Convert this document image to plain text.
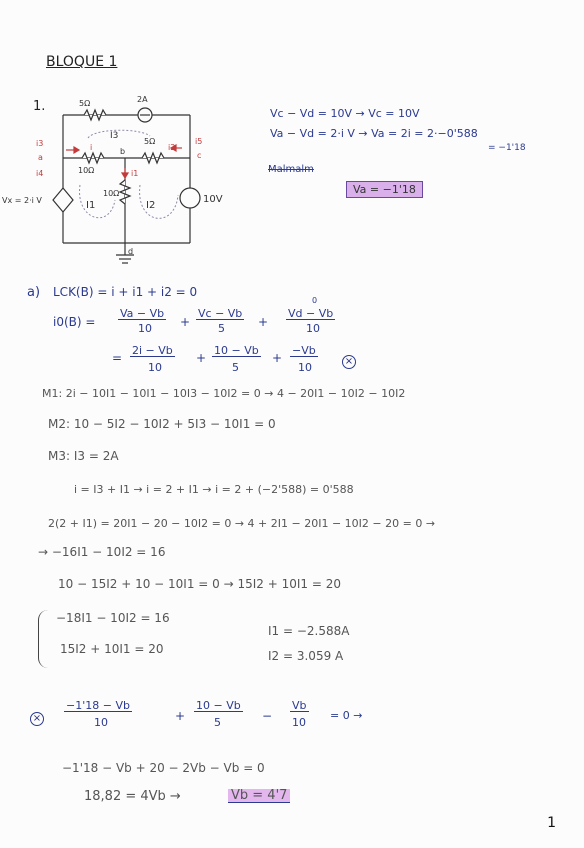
BLOQUE 1
1.	5Ω	2A
5Ω
10Ω
10Ω
10V
Vx = 2·i V
I3
I1	I2
b
d
i3
a
i4
i5
c
i
i1
i2
Vc − Vd = 10V → Vc = 10V
Va − Vd = 2·i V → Va = 2i = 2·−0'588
= −1'18
Malmalm
Va = −1'18
a) LCK(B) = i + i1 + i2 = 0
i0(B) =
Va − Vb
10 +
Vc − Vb
5	+
0
Vd − Vb
10
=
2i − Vb
10
+
10 − Vb
5
+
−Vb
10	×
M1: 2i − 10I1 − 10I1 − 10I3 − 10I2 = 0 → 4 − 20I1 − 10I2 − 10I2
M2: 10 − 5I2 − 10I2 + 5I3 − 10I1 = 0
M3: I3 = 2A
i = I3 + I1 → i = 2 + I1 → i = 2 + (−2'588) = 0'588
2(2 + I1) = 20I1 − 20 − 10I2 = 0 → 4 + 2I1 − 20I1 − 10I2 − 20 = 0 →
→ −16I1 − 10I2 = 16
10 − 15I2 + 10 − 10I1 = 0 → 15I2 + 10I1 = 20
−18I1 − 10I2 = 16
15I2 + 10I1 = 20
I1 = −2.588A
I2 = 3.059 A
×
−1'18 − Vb
10	+
10 − Vb
5	−
Vb
10
= 0 →
−1'18 − Vb + 20 − 2Vb − Vb = 0
18,82 = 4Vb →	Vb = 4'7
1
